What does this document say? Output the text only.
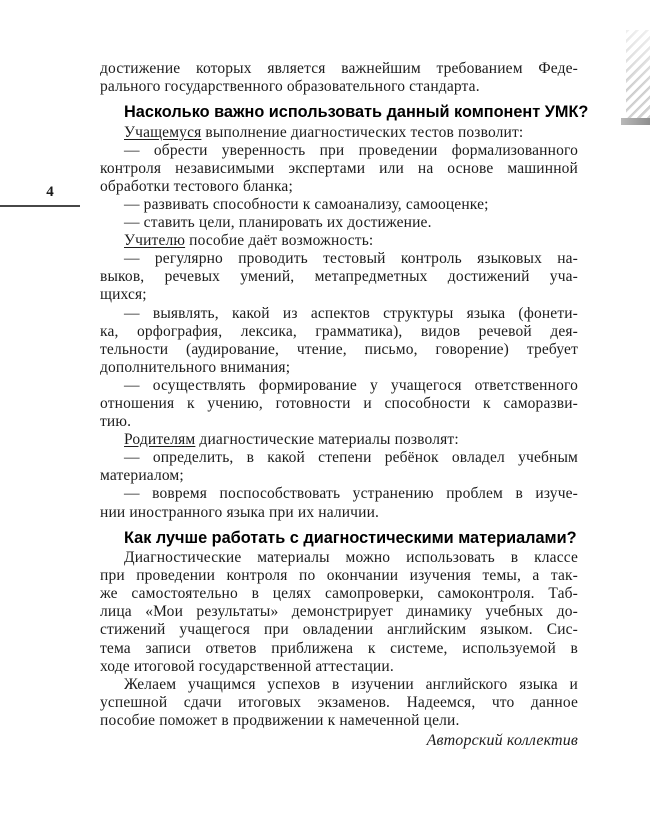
4
достижение которых является важнейшим требованием Феде-
рального государственного образовательного стандарта.
Насколько важно использовать данный компонент УМК?
Учащемуся выполнение диагностических тестов позволит:
— обрести уверенность при проведении формализованного
контроля независимыми экспертами или на основе машинной
обработки тестового бланка;
— развивать способности к самоанализу, самооценке;
— ставить цели, планировать их достижение.
Учителю пособие даёт возможность:
— регулярно проводить тестовый контроль языковых на-
выков, речевых умений, метапредметных достижений уча-
щихся;
— выявлять, какой из аспектов структуры языка (фонети-
ка, орфография, лексика, грамматика), видов речевой дея-
тельности (аудирование, чтение, письмо, говорение) требует
дополнительного внимания;
— осуществлять формирование у учащегося ответственного
отношения к учению, готовности и способности к саморазви-
тию.
Родителям диагностические материалы позволят:
— определить, в какой степени ребёнок овладел учебным
материалом;
— вовремя поспособствовать устранению проблем в изуче-
нии иностранного языка при их наличии.
Как лучше работать с диагностическими материалами?
Диагностические материалы можно использовать в классе
при проведении контроля по окончании изучения темы, а так-
же самостоятельно в целях самопроверки, самоконтроля. Таб-
лица «Мои результаты» демонстрирует динамику учебных до-
стижений учащегося при овладении английским языком. Сис-
тема записи ответов приближена к системе, используемой в
ходе итоговой государственной аттестации.
Желаем учащимся успехов в изучении английского языка и
успешной сдачи итоговых экзаменов. Надеемся, что данное
пособие поможет в продвижении к намеченной цели.
Авторский коллектив
